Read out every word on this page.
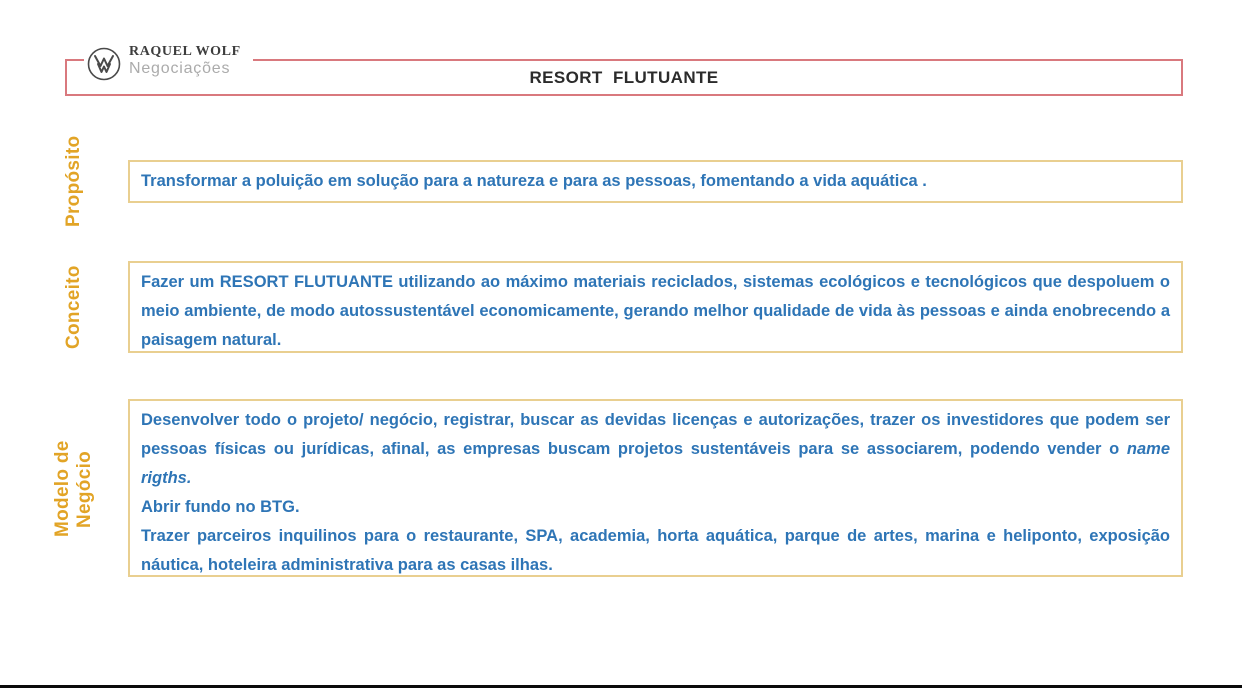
RESORT  FLUTUANTE
RAQUEL WOLF
Negociações
Propósito
Conceito
Modelo de Negócio
Transformar a poluição em solução para a natureza e para as pessoas, fomentando a vida aquática .

Fazer um RESORT FLUTUANTE utilizando ao máximo materiais reciclados, sistemas ecológicos e tecnológicos que despoluem o meio ambiente, de modo autossustentável economicamente, gerando melhor qualidade de vida às pessoas e ainda enobrecendo a paisagem natural.

Desenvolver todo o projeto/ negócio, registrar, buscar as devidas licenças e autorizações, trazer os investidores que podem ser pessoas físicas ou jurídicas, afinal, as empresas buscam projetos sustentáveis para se associarem, podendo vender o name rigths.

Abrir fundo no BTG.

Trazer parceiros inquilinos para o restaurante, SPA, academia, horta aquática, parque de artes, marina e heliponto, exposição náutica, hoteleira administrativa para as casas ilhas.
